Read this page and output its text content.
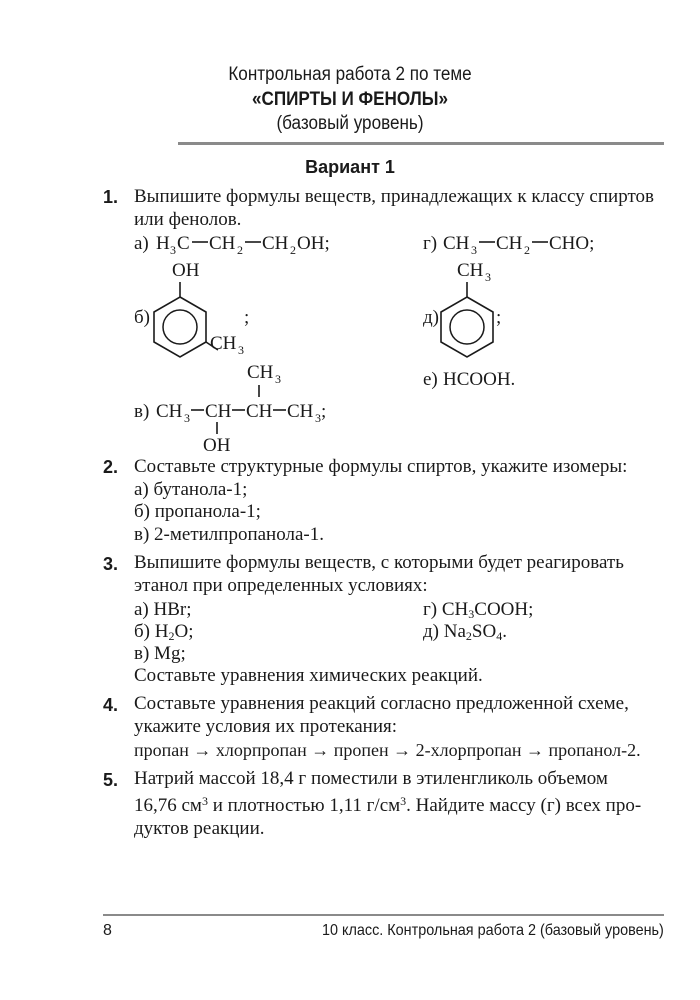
Контрольная работа 2 по теме
«СПИРТЫ И ФЕНОЛЫ»
(базовый уровень)
Вариант 1
1. Выпишите формулы веществ, принадлежащих к классу спиртов
или фенолов.
а) H 3 C CH 2 CH 2 OH;	г) CH 3 CH 2 CHO;
OH
CH 3
б)	;
CH 3
д)	;
CH 3
в) CH 3 CH CH CH 3 ;
OH
е) HCOOH.
2. Составьте структурные формулы спиртов, укажите изомеры:
а) бутанола-1;
б) пропанола-1;
в) 2-метилпропанола-1.
3. Выпишите формулы веществ, с которыми будет реагировать
этанол при определенных условиях:
а) HBr;
б) $H_2O$;
в) Mg;
г) $CH_3COOH$;
д) $Na_2SO_4$.
Составьте уравнения химических реакций.
4. Составьте уравнения реакций согласно предложенной схеме,
укажите условия их протекания:
пропан → хлорпропан → пропен → 2-хлорпропан → пропанол-2.
5. Натрий массой 18,4 г поместили в этиленгликоль объемом
16,76 $см^3$ и плотностью 1,11 $г/см^3$. Найдите массу (г) всех про-
дуктов реакции.
8	10 класс. Контрольная работа 2 (базовый уровень)
